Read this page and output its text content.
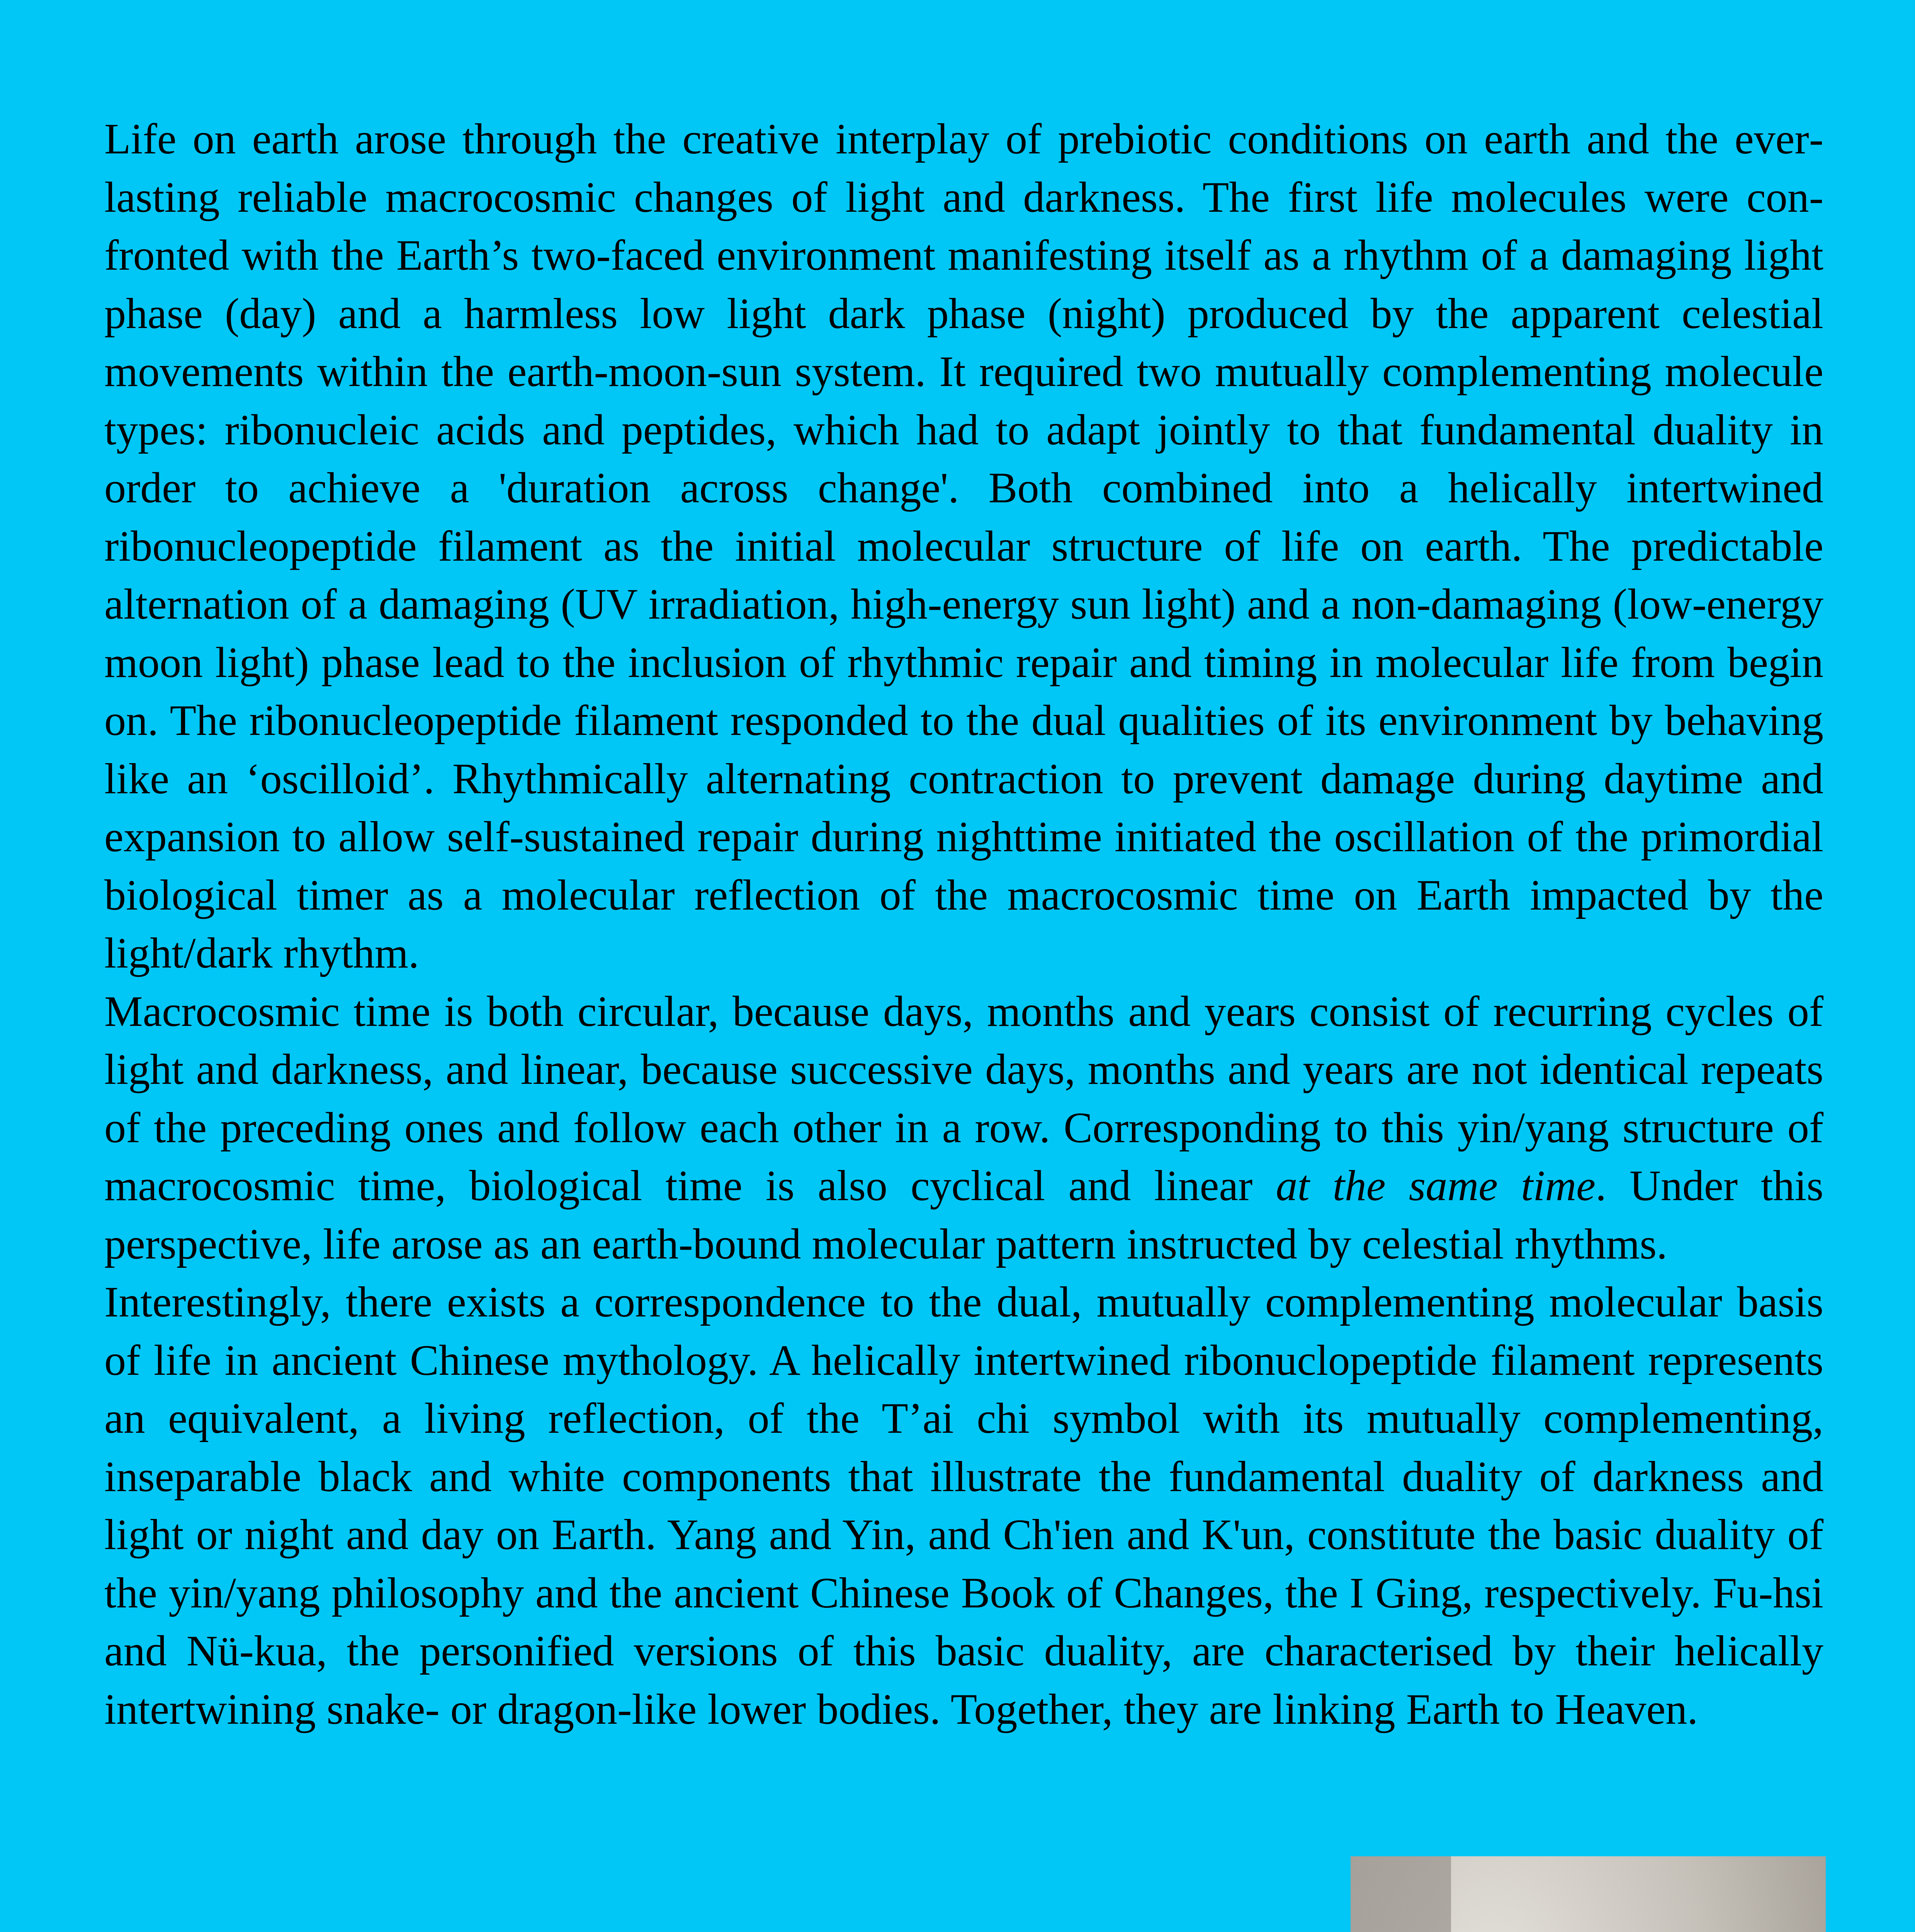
Life on earth arose through the creative interplay of prebiotic conditions on earth and the everlasting reliable macrocosmic changes of light and darkness. The first life molecules were confronted with the Earth’s two-faced environment manifesting itself as a rhythm of a damaging light phase (day) and a harmless low light dark phase (night) produced by the apparent celestial movements within the earth-moon-sun system. It required two mutually complementing molecule types: ribonucleic acids and peptides, which had to adapt jointly to that fundamental duality in order to achieve a 'duration across change'. Both combined into a helically intertwined ribonucleopeptide filament as the initial molecular structure of life on earth. The predictable alternation of a damaging (UV irradiation, high-energy sun light) and a non-damaging (low-energy moon light) phase lead to the inclusion of rhythmic repair and timing in molecular life from begin on. The ribonucleopeptide filament responded to the dual qualities of its environment by behaving like an ‘oscilloid’. Rhythmically alternating contraction to prevent damage during daytime and expansion to allow self-sustained repair during nighttime initiated the oscillation of the primordial biological timer as a molecular reflection of the macrocosmic time on Earth impacted by the light/dark rhythm.

Macrocosmic time is both circular, because days, months and years consist of recurring cycles of light and darkness, and linear, because successive days, months and years are not identical repeats of the preceding ones and follow each other in a row. Corresponding to this yin/yang structure of macrocosmic time, biological time is also cyclical and linear at the same time. Under this perspective, life arose as an earth-bound molecular pattern instructed by celestial rhythms.

Interestingly, there exists a correspondence to the dual, mutually complementing molecular basis of life in ancient Chinese mythology. A helically intertwined ribonuclopeptide filament represents an equivalent, a living reflection, of the T’ai chi symbol with its mutually complementing, inseparable black and white components that illustrate the fundamental duality of darkness and light or night and day on Earth. Yang and Yin, and Ch'ien and K'un, constitute the basic duality of the yin/yang philosophy and the ancient Chinese Book of Changes, the I Ging, respectively. Fu-hsi and Nü-kua, the personified versions of this basic duality, are characterised by their helically intertwining snake- or dragon-like lower bodies. Together, they are linking Earth to Heaven.
